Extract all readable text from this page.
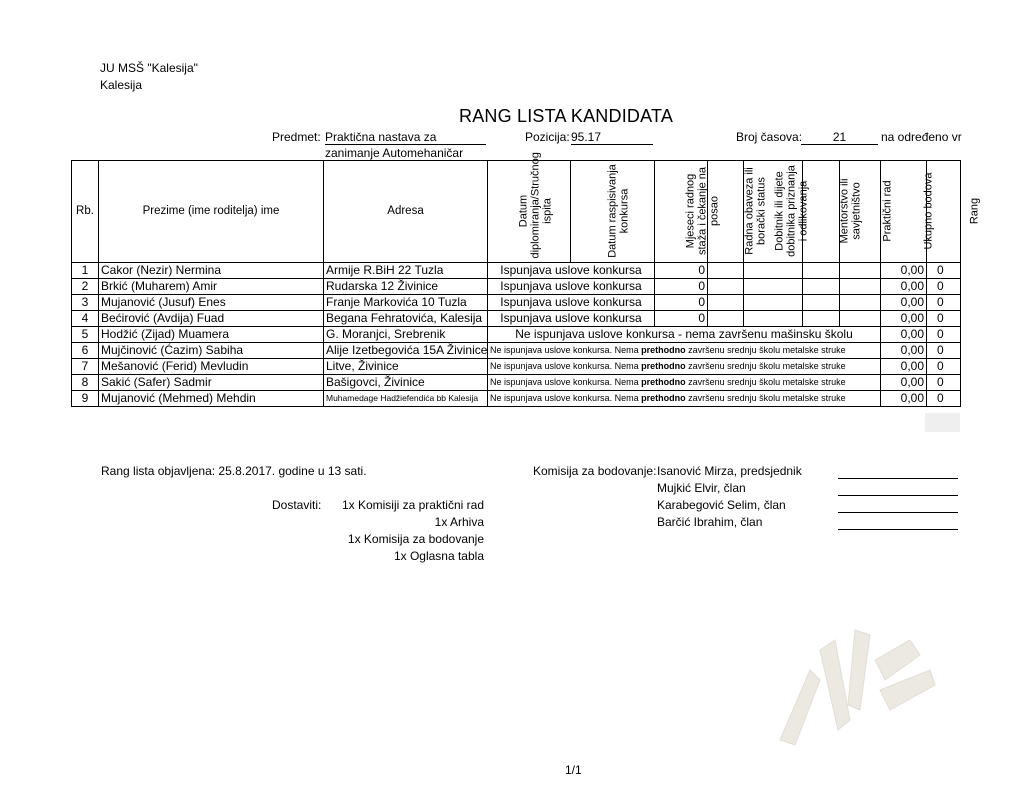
JU MSŠ "Kalesija"
Kalesija
RANG LISTA KANDIDATA
Predmet: Praktična nastava za
zanimanje Automehaničar
Pozicija: 95.17	Broj časova:	21	na određeno vr
Rb.	Prezime (ime roditelja) ime	Adresa	Datum diplomiranja/Stručnog ispita	Datum raspisivanja konkursa	Mjeseci radnog staža i čekanje na posao	Radna obaveza ili borački status	Dobitnik ili dijete dobitnika priznanja i odlikovanja	Mentorstvo ili savjetništvo	Praktični rad	Ukupno bodova	Rang
1	Cakor (Nezir) Nermina	Armije R.BiH 22 Tuzla	Ispunjava uslove konkursa		0					0,00	0
2	Brkić (Muharem) Amir	Rudarska 12 Živinice	Ispunjava uslove konkursa		0					0,00	0
3	Mujanović (Jusuf) Enes	Franje Markovića 10 Tuzla	Ispunjava uslove konkursa		0					0,00	0
4	Bećirović (Avdija) Fuad	Begana Fehratovića, Kalesija	Ispunjava uslove konkursa		0					0,00	0
5	Hodžić (Zijad) Muamera	G. Moranjci, Srebrenik	Ne ispunjava uslove konkursa - nema završenu mašinsku školu							0,00	0
6	Mujčinović (Ćazim) Sabiha	Alije Izetbegovića 15A Živinice	Ne ispunjava uslove konkursa. Nema prethodno završenu srednju školu metalske struke							0,00	0
7	Mešanović (Ferid) Mevludin	Litve, Živinice	Ne ispunjava uslove konkursa. Nema prethodno završenu srednju školu metalske struke							0,00	0
8	Sakić (Safer) Sadmir	Bašigovci, Živinice	Ne ispunjava uslove konkursa. Nema prethodno završenu srednju školu metalske struke							0,00	0
9	Mujanović (Mehmed) Mehdin	Muhamedage Hadžiefendića bb Kalesija	Ne ispunjava uslove konkursa. Nema prethodno završenu srednju školu metalske struke							0,00	0
Rang lista objavljena: 25.8.2017. godine u 13 sati.	Komisija za bodovanje: Isanović Mirza, predsjednik
Mujkić Elvir, član
Karabegović Selim, član
Barčić Ibrahim, član
Dostaviti: 1x Komisiji za praktični rad
1x Arhiva
1x Komisija za bodovanje
1x Oglasna tabla
1/1
